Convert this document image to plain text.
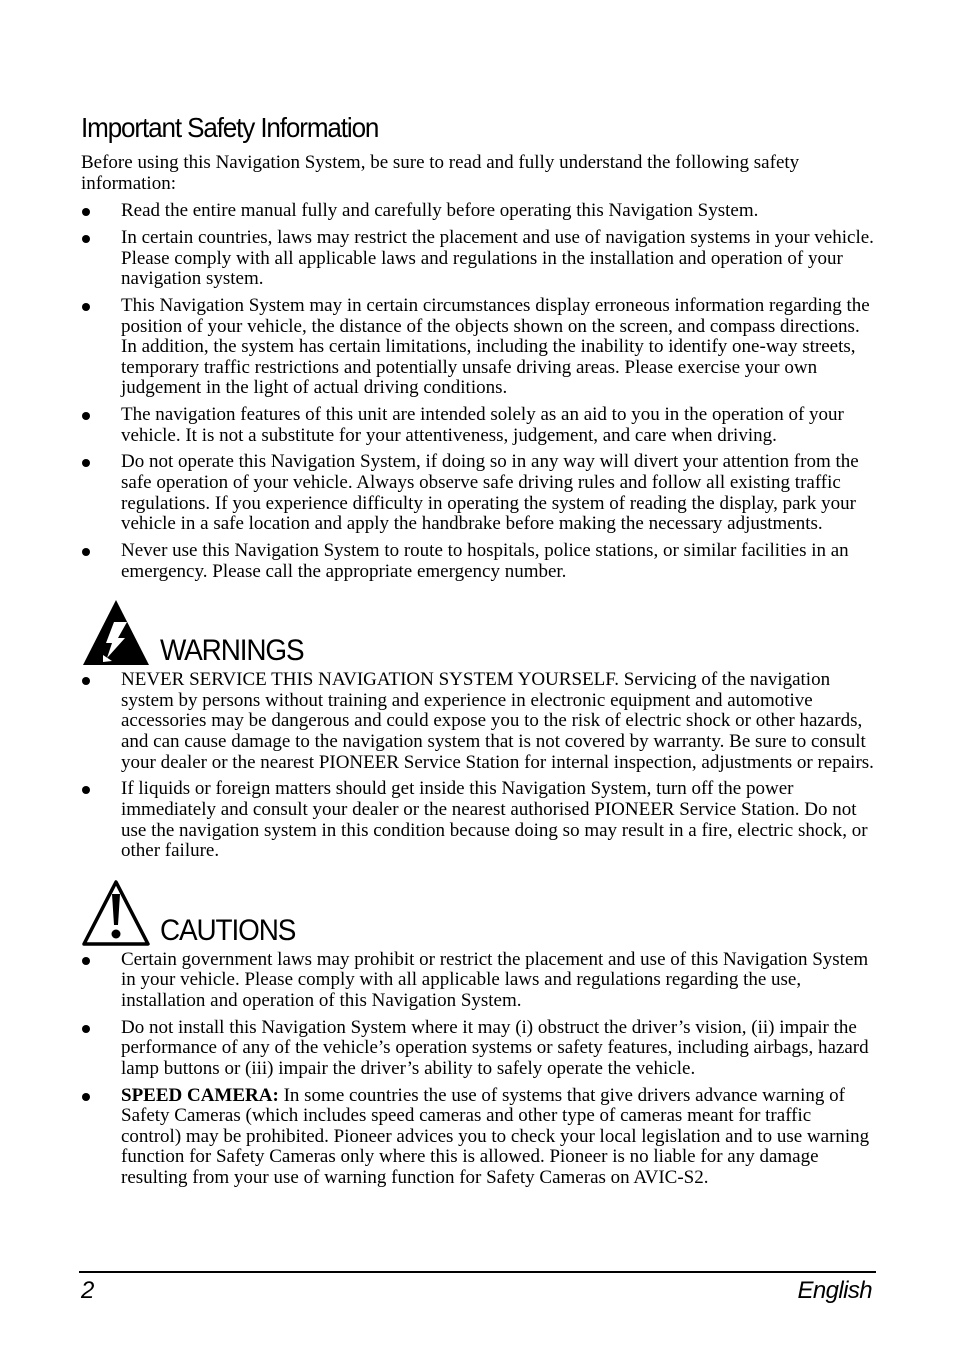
Important Safety Information

Before using this Navigation System, be sure to read and fully understand the following safety information:

Read the entire manual fully and carefully before operating this Navigation System.
In certain countries, laws may restrict the placement and use of navigation systems in your vehicle. Please comply with all applicable laws and regulations in the installation and operation of your navigation system.
This Navigation System may in certain circumstances display erroneous information regarding the position of your vehicle, the distance of the objects shown on the screen, and compass directions. In addition, the system has certain limitations, including the inability to identify one-way streets, temporary traffic restrictions and potentially unsafe driving areas. Please exercise your own judgement in the light of actual driving conditions.
The navigation features of this unit are intended solely as an aid to you in the operation of your vehicle. It is not a substitute for your attentiveness, judgement, and care when driving.
Do not operate this Navigation System, if doing so in any way will divert your attention from the safe operation of your vehicle. Always observe safe driving rules and follow all existing traffic regulations. If you experience difficulty in operating the system of reading the display, park your vehicle in a safe location and apply the handbrake before making the necessary adjustments.
Never use this Navigation System to route to hospitals, police stations, or similar facilities in an emergency. Please call the appropriate emergency number.
WARNINGS
NEVER SERVICE THIS NAVIGATION SYSTEM YOURSELF. Servicing of the navigation system by persons without training and experience in electronic equipment and automotive accessories may be dangerous and could expose you to the risk of electric shock or other hazards, and can cause damage to the navigation system that is not covered by warranty. Be sure to consult your dealer or the nearest PIONEER Service Station for internal inspection, adjustments or repairs.
If liquids or foreign matters should get inside this Navigation System, turn off the power immediately and consult your dealer or the nearest authorised PIONEER Service Station. Do not use the navigation system in this condition because doing so may result in a fire, electric shock, or other failure.
CAUTIONS
Certain government laws may prohibit or restrict the placement and use of this Navigation System in your vehicle. Please comply with all applicable laws and regulations regarding the use, installation and operation of this Navigation System.
Do not install this Navigation System where it may (i) obstruct the driver’s vision, (ii) impair the performance of any of the vehicle’s operation systems or safety features, including airbags, hazard lamp buttons or (iii) impair the driver’s ability to safely operate the vehicle.
SPEED CAMERA: In some countries the use of systems that give drivers advance warning of Safety Cameras (which includes speed cameras and other type of cameras meant for traffic control) may be prohibited. Pioneer advices you to check your local legislation and to use warning function for Safety Cameras only where this is allowed. Pioneer is no liable for any damage resulting from your use of warning function for Safety Cameras on AVIC-S2.
2	English
